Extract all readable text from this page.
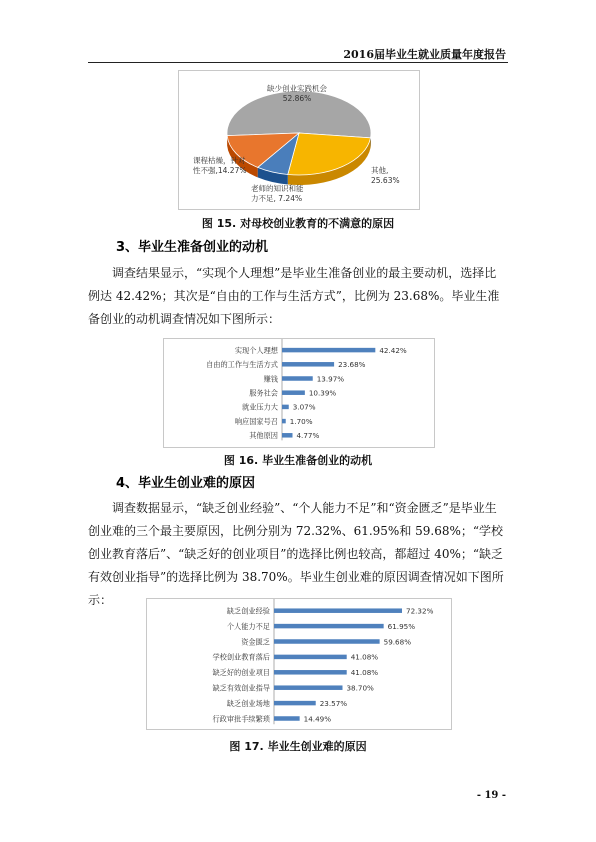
2016届毕业生就业质量年度报告
缺少创业实践机会
52.86%
其他,
25.63%
老师的知识和能
力不足, 7.24%
课程枯燥，针对
性不强,14.27%
图 15. 对母校创业教育的不满意的原因
3、毕业生准备创业的动机

调查结果显示，“实现个人理想”是毕业生准备创业的最主要动机，选择比例达 42.42%；其次是“自由的工作与生活方式”，比例为 23.68%。毕业生准备创业的动机调查情况如下图所示：

实现个人理想	42.42%
自由的工作与生活方式	23.68%
赚钱	13.97%
服务社会	10.39%
就业压力大 3.07%
响应国家号召 1.70%
其他原因	4.77%
图 16. 毕业生准备创业的动机
4、毕业生创业难的原因

调查数据显示，“缺乏创业经验”、“个人能力不足”和“资金匮乏”是毕业生创业难的三个最主要原因，比例分别为 72.32%、61.95%和 59.68%；“学校创业教育落后”、“缺乏好的创业项目”的选择比例也较高，都超过 40%；“缺乏有效创业指导”的选择比例为 38.70%。毕业生创业难的原因调查情况如下图所示：

缺乏创业经验	72.32%
个人能力不足	61.95%
资金匮乏	59.68%
学校创业教育落后	41.08%
缺乏好的创业项目	41.08%
缺乏有效创业指导	38.70%
缺乏创业场地	23.57%
行政审批手续繁琐	14.49%
图 17. 毕业生创业难的原因
- 19 -
